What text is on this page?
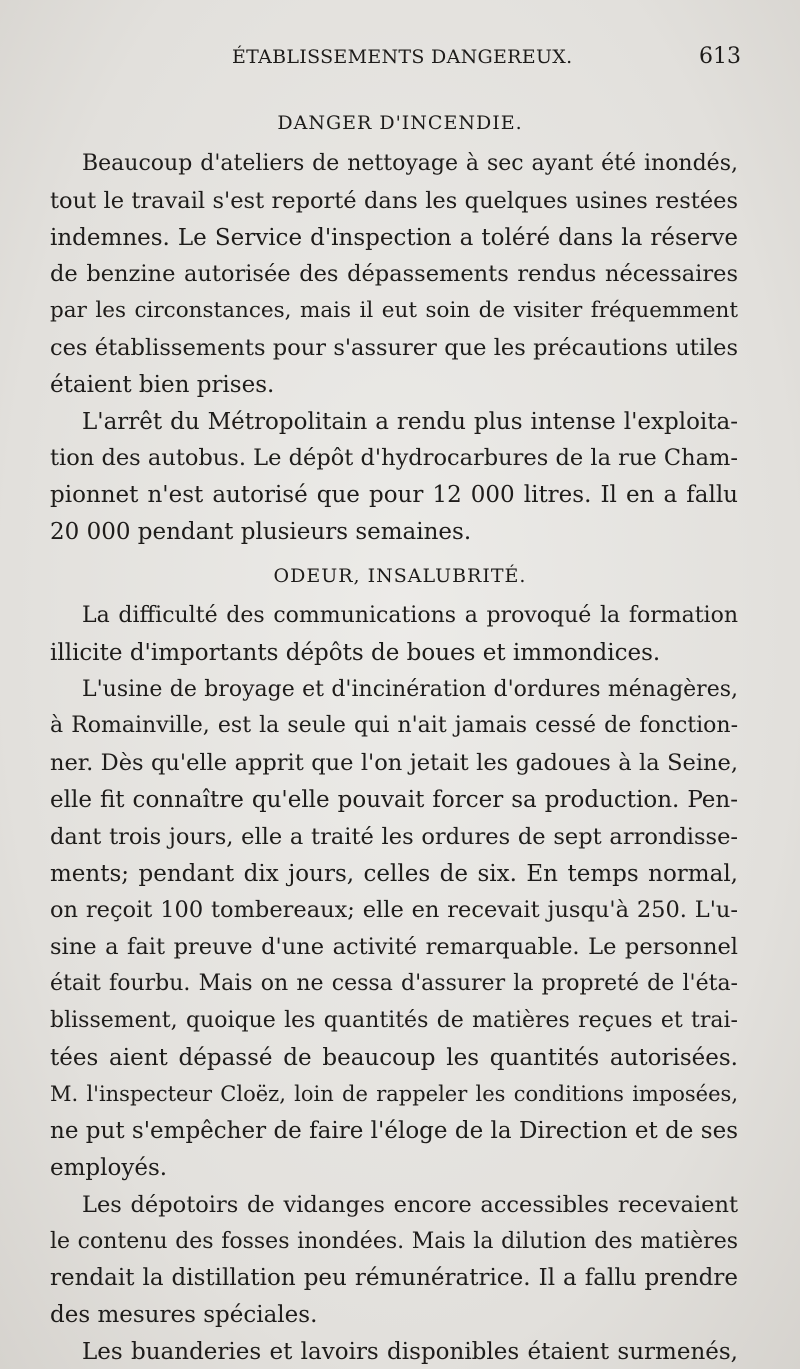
ÉTABLISSEMENTS DANGEREUX.	613
DANGER D'INCENDIE.
Beaucoup d'ateliers de nettoyage à sec ayant été inondés,
tout le travail s'est reporté dans les quelques usines restées
indemnes. Le Service d'inspection a toléré dans la réserve
de benzine autorisée des dépassements rendus nécessaires
par les circonstances, mais il eut soin de visiter fréquemment
ces établissements pour s'assurer que les précautions utiles
étaient bien prises.
L'arrêt du Métropolitain a rendu plus intense l'exploita-
tion des autobus. Le dépôt d'hydrocarbures de la rue Cham-
pionnet n'est autorisé que pour 12 000 litres. Il en a fallu
20 000 pendant plusieurs semaines.
ODEUR, INSALUBRITÉ.
La difficulté des communications a provoqué la formation
illicite d'importants dépôts de boues et immondices.
L'usine de broyage et d'incinération d'ordures ménagères,
à Romainville, est la seule qui n'ait jamais cessé de fonction-
ner. Dès qu'elle apprit que l'on jetait les gadoues à la Seine,
elle fit connaître qu'elle pouvait forcer sa production. Pen-
dant trois jours, elle a traité les ordures de sept arrondisse-
ments; pendant dix jours, celles de six. En temps normal,
on reçoit 100 tombereaux; elle en recevait jusqu'à 250. L'u-
sine a fait preuve d'une activité remarquable. Le personnel
était fourbu. Mais on ne cessa d'assurer la propreté de l'éta-
blissement, quoique les quantités de matières reçues et trai-
tées aient dépassé de beaucoup les quantités autorisées.
M. l'inspecteur Cloëz, loin de rappeler les conditions imposées,
ne put s'empêcher de faire l'éloge de la Direction et de ses
employés.
Les dépotoirs de vidanges encore accessibles recevaient
le contenu des fosses inondées. Mais la dilution des matières
rendait la distillation peu rémunératrice. Il a fallu prendre
des mesures spéciales.
Les buanderies et lavoirs disponibles étaient surmenés,
